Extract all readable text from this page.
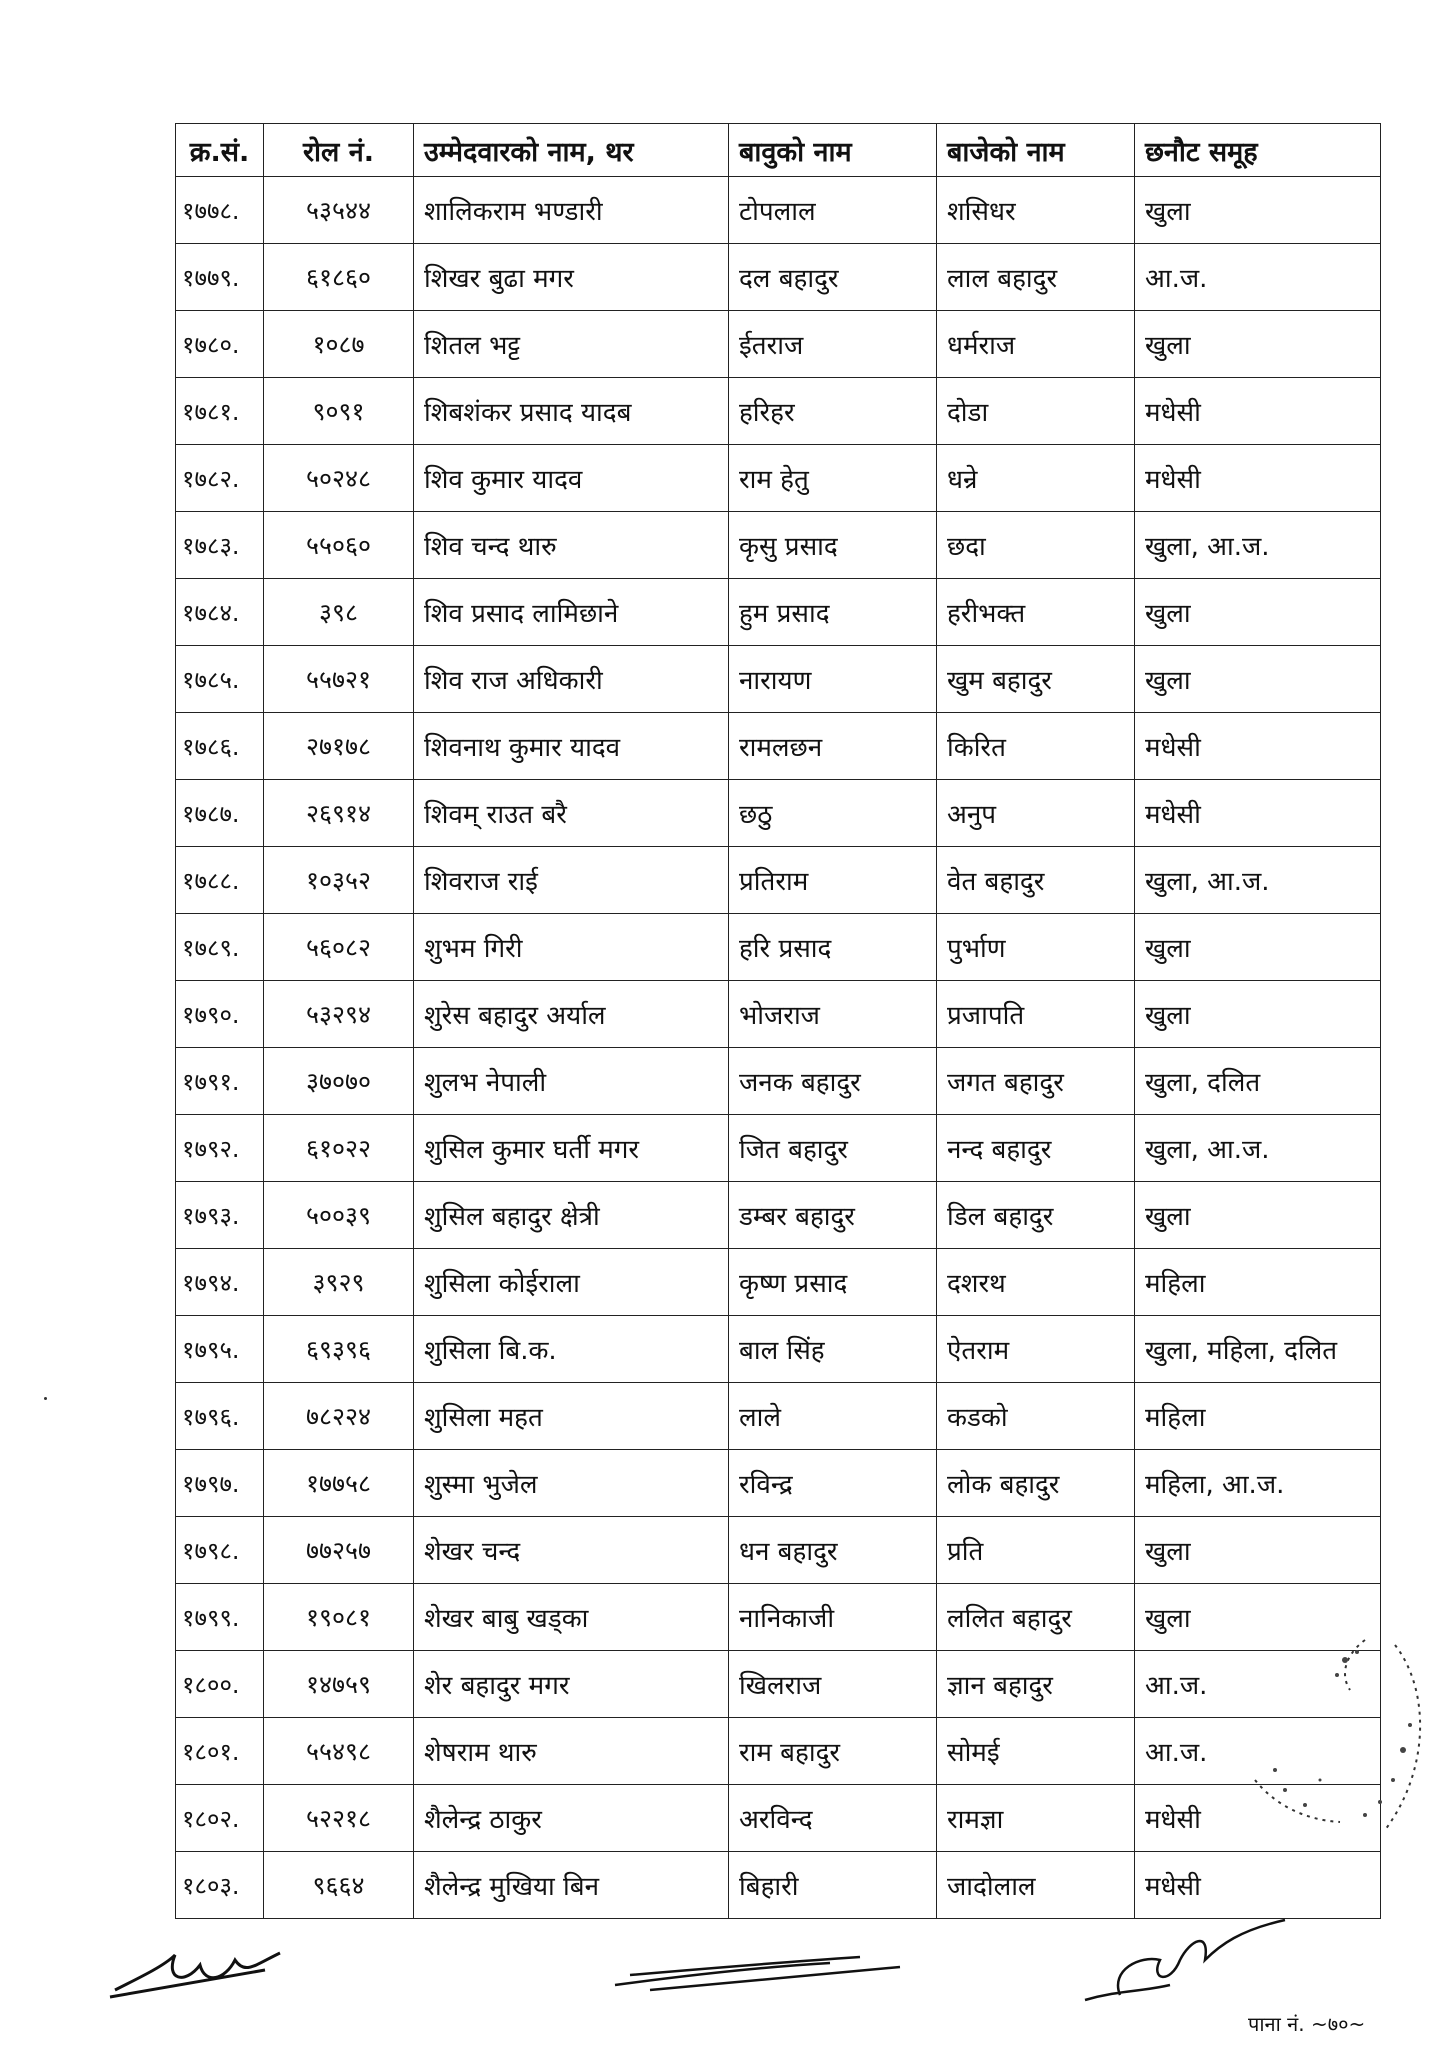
क्र.सं.	रोल नं.	उम्मेदवारको नाम, थर	बावुको नाम	बाजेको नाम	छनौट समूह
१७७८.	५३५४४	शालिकराम भण्डारी	टोपलाल	शसिधर	खुला
१७७९.	६१८६०	शिखर बुढा मगर	दल बहादुर	लाल बहादुर	आ.ज.
१७८०.	१०८७	शितल भट्ट	ईतराज	धर्मराज	खुला
१७८१.	९०९१	शिबशंकर प्रसाद यादब	हरिहर	दोडा	मधेसी
१७८२.	५०२४८	शिव कुमार यादव	राम हेतु	धन्रे	मधेसी
१७८३.	५५०६०	शिव चन्द थारु	कृसु प्रसाद	छदा	खुला, आ.ज.
१७८४.	३९८	शिव प्रसाद लामिछाने	हुम प्रसाद	हरीभक्त	खुला
१७८५.	५५७२१	शिव राज अधिकारी	नारायण	खुम बहादुर	खुला
१७८६.	२७१७८	शिवनाथ कुमार यादव	रामलछन	किरित	मधेसी
१७८७.	२६९१४	शिवम् राउत बरै	छठु	अनुप	मधेसी
१७८८.	१०३५२	शिवराज राई	प्रतिराम	वेत बहादुर	खुला, आ.ज.
१७८९.	५६०८२	शुभम गिरी	हरि प्रसाद	पुर्भाण	खुला
१७९०.	५३२९४	शुरेस बहादुर अर्याल	भोजराज	प्रजापति	खुला
१७९१.	३७०७०	शुलभ नेपाली	जनक बहादुर	जगत बहादुर	खुला, दलित
१७९२.	६१०२२	शुसिल कुमार घर्ती मगर	जित बहादुर	नन्द बहादुर	खुला, आ.ज.
१७९३.	५००३९	शुसिल बहादुर क्षेत्री	डम्बर बहादुर	डिल बहादुर	खुला
१७९४.	३९२९	शुसिला कोईराला	कृष्ण प्रसाद	दशरथ	महिला
१७९५.	६९३९६	शुसिला बि.क.	बाल सिंह	ऐतराम	खुला, महिला, दलित
१७९६.	७८२२४	शुसिला महत	लाले	कडको	महिला
१७९७.	१७७५८	शुस्मा भुजेल	रविन्द्र	लोक बहादुर	महिला, आ.ज.
१७९८.	७७२५७	शेखर चन्द	धन बहादुर	प्रति	खुला
१७९९.	१९०८१	शेखर बाबु खड्का	नानिकाजी	ललित बहादुर	खुला
१८००.	१४७५९	शेर बहादुर मगर	खिलराज	ज्ञान बहादुर	आ.ज.
१८०१.	५५४९८	शेषराम थारु	राम बहादुर	सोमई	आ.ज.
१८०२.	५२२१८	शैलेन्द्र ठाकुर	अरविन्द	रामज्ञा	मधेसी
१८०३.	९६६४	शैलेन्द्र मुखिया बिन	बिहारी	जादोलाल	मधेसी
पाना नं. ~७०~
